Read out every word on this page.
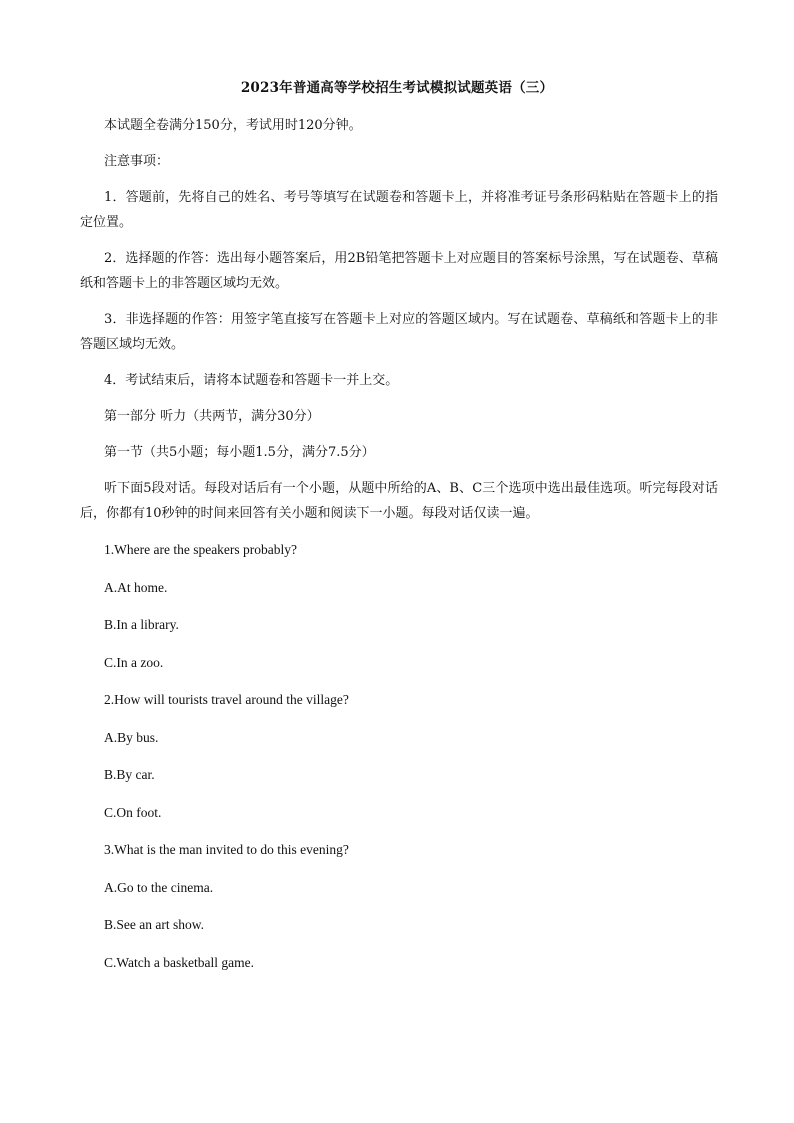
2023年普通高等学校招生考试模拟试题英语（三）

本试题全卷满分150分，考试用时120分钟。

注意事项：

1．答题前，先将自己的姓名、考号等填写在试题卷和答题卡上，并将准考证号条形码粘贴在答题卡上的指定位置。

2．选择题的作答：选出每小题答案后，用2B铅笔把答题卡上对应题目的答案标号涂黑，写在试题卷、草稿纸和答题卡上的非答题区域均无效。

3．非选择题的作答：用签字笔直接写在答题卡上对应的答题区域内。写在试题卷、草稿纸和答题卡上的非答题区域均无效。

4．考试结束后，请将本试题卷和答题卡一并上交。

第一部分 听力（共两节，满分30分）

第一节（共5小题；每小题1.5分，满分7.5分）

听下面5段对话。每段对话后有一个小题，从题中所给的A、B、C三个选项中选出最佳选项。听完每段对话后，你都有10秒钟的时间来回答有关小题和阅读下一小题。每段对话仅读一遍。

1.Where are the speakers probably?
A.At home.
B.In a library.
C.In a zoo.
2.How will tourists travel around the village?
A.By bus.
B.By car.
C.On foot.
3.What is the man invited to do this evening?
A.Go to the cinema.
B.See an art show.
C.Watch a basketball game.
